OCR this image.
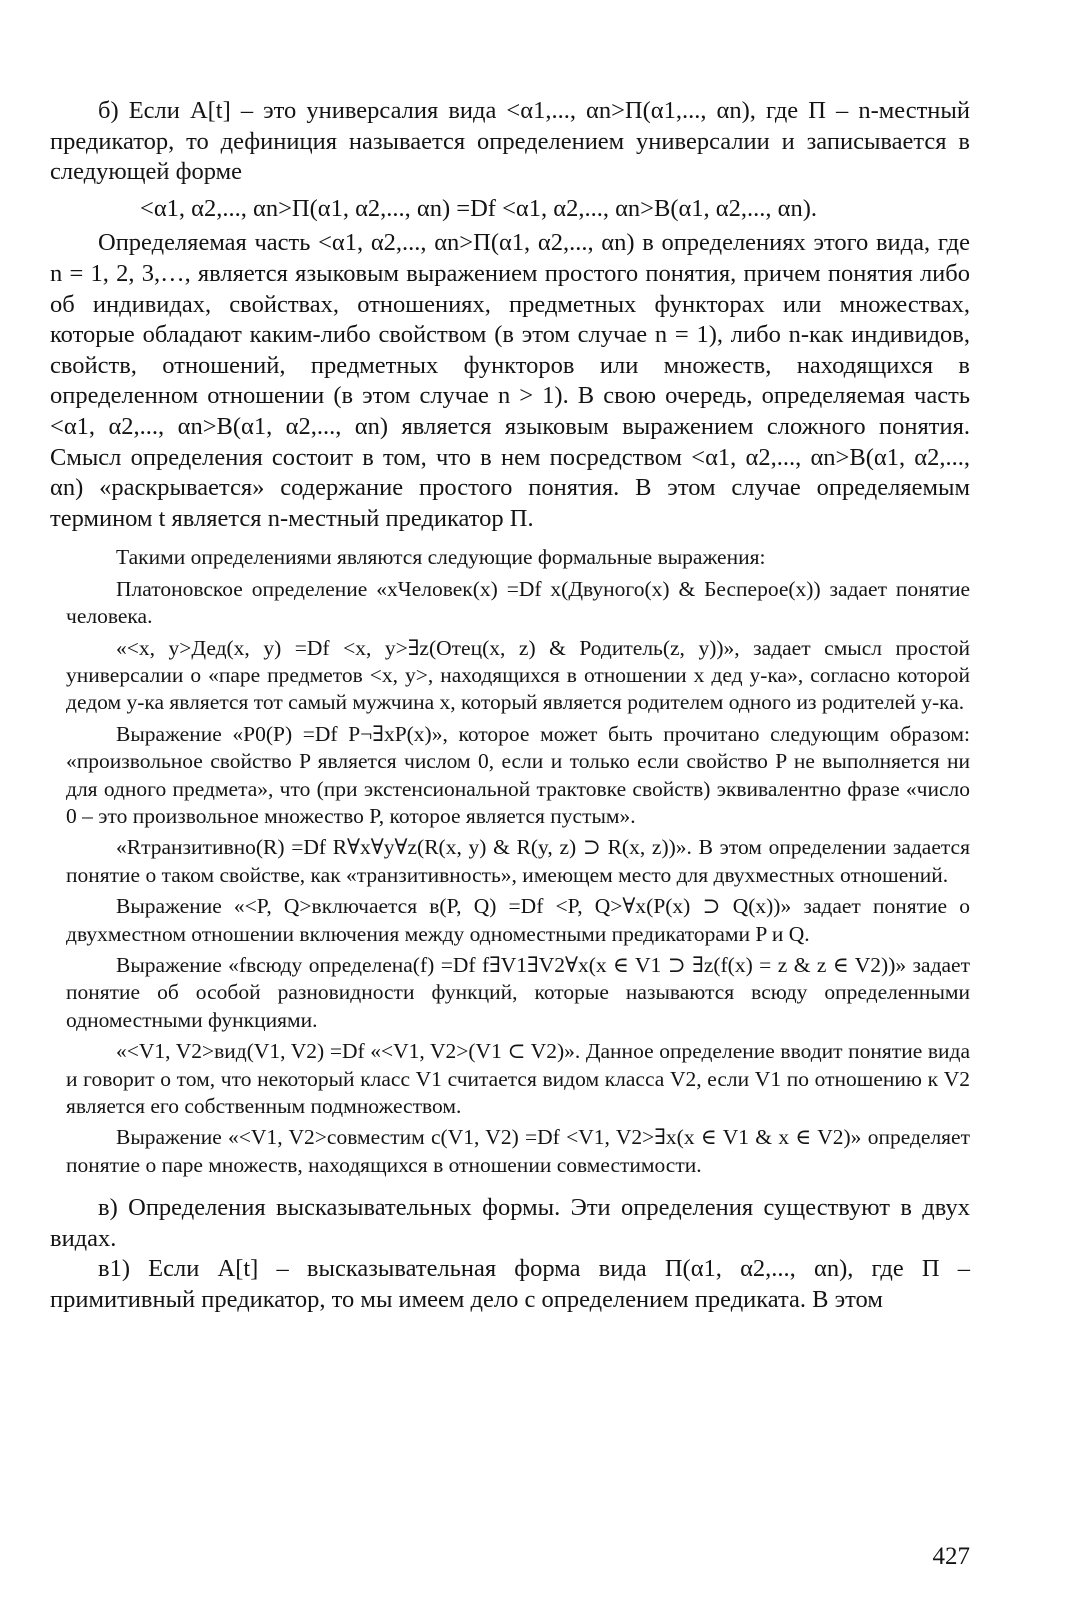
б) Если A[t] – это универсалия вида <α1,..., αn>П(α1,..., αn), где П – n-местный предикатор, то дефиниция называется определением универсалии и записывается в следующей форме

<α1, α2,..., αn>П(α1, α2,..., αn) =Df <α1, α2,..., αn>B(α1, α2,..., αn).

Определяемая часть <α1, α2,..., αn>П(α1, α2,..., αn) в определениях этого вида, где n = 1, 2, 3,…, является языковым выражением простого понятия, причем понятия либо об индивидах, свойствах, отношениях, предметных функторах или множествах, которые обладают каким-либо свойством (в этом случае n = 1), либо n-как индивидов, свойств, отношений, предметных функторов или множеств, находящихся в определенном отношении (в этом случае n > 1). В свою очередь, определяемая часть <α1, α2,..., αn>B(α1, α2,..., αn) является языковым выражением сложного понятия. Смысл определения состоит в том, что в нем посредством <α1, α2,..., αn>B(α1, α2,..., αn) «раскрывается» содержание простого понятия. В этом случае определяемым термином t является n-местный предикатор П.

Такими определениями являются следующие формальные выражения:

Платоновское определение «xЧеловек(x) =Df x(Двуного(x) & Бесперое(x)) задает понятие человека.

«<x, y>Дед(x, y) =Df <x, y>∃z(Отец(x, z) & Родитель(z, y))», задает смысл простой универсалии о «паре предметов <x, y>, находящихся в отношении x дед y-ка», согласно которой дедом y-ка является тот самый мужчина x, который является родителем одного из родителей y-ка.

Выражение «P0(P) =Df P¬∃xP(x)», которое может быть прочитано следующим образом: «произвольное свойство P является числом 0, если и только если свойство P не выполняется ни для одного предмета», что (при экстенсиональной трактовке свойств) эквивалентно фразе «число 0 – это произвольное множество P, которое является пустым».

«Rтранзитивно(R) =Df R∀x∀y∀z(R(x, y) & R(y, z) ⊃ R(x, z))». В этом определении задается понятие о таком свойстве, как «транзитивность», имеющем место для двухместных отношений.

Выражение «<P, Q>включается в(P, Q) =Df <P, Q>∀x(P(x) ⊃ Q(x))» задает понятие о двухместном отношении включения между одноместными предикаторами P и Q.

Выражение «fвсюду определена(f) =Df f∃V1∃V2∀x(x ∈ V1 ⊃ ∃z(f(x) = z & z ∈ V2))» задает понятие об особой разновидности функций, которые называются всюду определенными одноместными функциями.

«<V1, V2>вид(V1, V2) =Df «<V1, V2>(V1 ⊂ V2)». Данное определение вводит понятие вида и говорит о том, что некоторый класс V1 считается видом класса V2, если V1 по отношению к V2 является его собственным подмножеством.

Выражение «<V1, V2>совместим с(V1, V2) =Df <V1, V2>∃x(x ∈ V1 & x ∈ V2)» определяет понятие о паре множеств, находящихся в отношении совместимости.

в) Определения высказывательных формы. Эти определения существуют в двух видах.

в1) Если A[t] – высказывательная форма вида П(α1, α2,..., αn), где П – примитивный предикатор, то мы имеем дело с определением предиката. В этом

427
